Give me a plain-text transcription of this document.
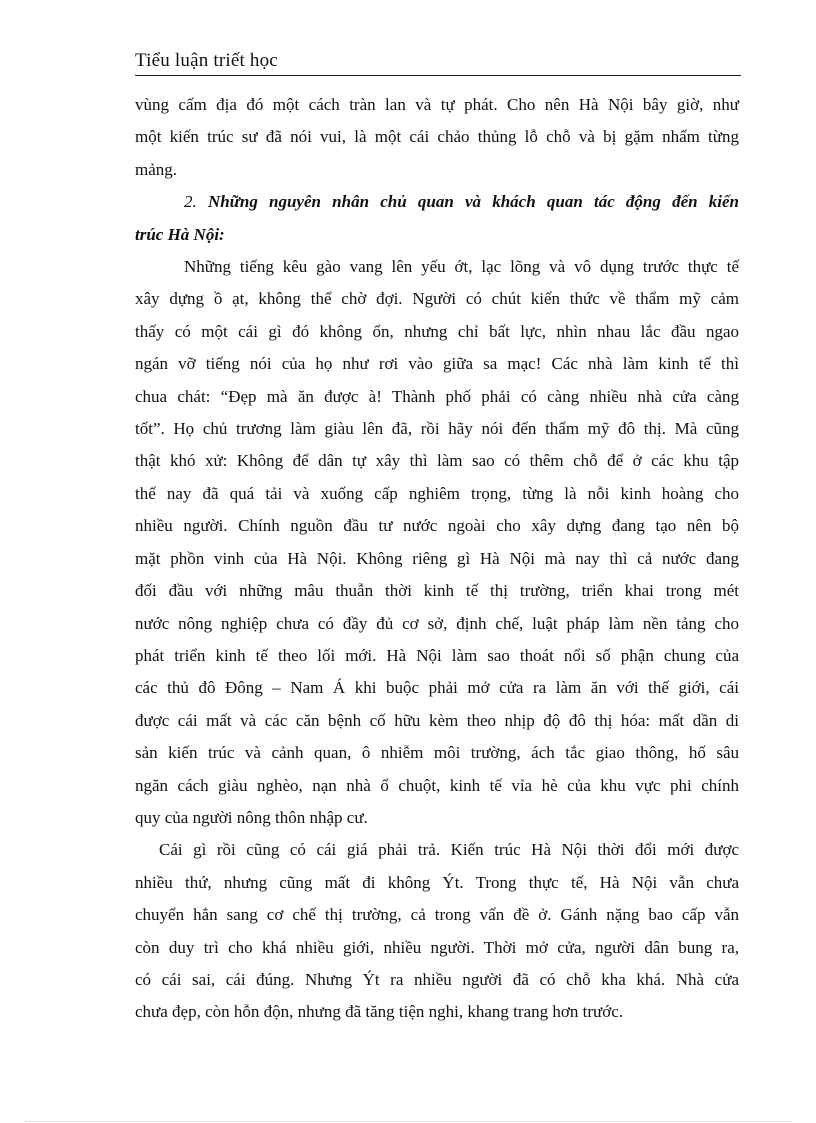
Tiểu luận triết học
vùng cấm địa đó một cách tràn lan và tự phát. Cho nên Hà Nội bây giờ, như
một kiến trúc sư đã nói vui, là một cái chảo thủng lỗ chỗ và bị gặm nhấm từng
mảng.
2. Những nguyên nhân chủ quan và khách quan tác động đến kiến
trúc Hà Nội:
Những tiếng kêu gào vang lên yếu ớt, lạc lõng và vô dụng trước thực tế
xây dựng ồ ạt, không thể chờ đợi. Người có chút kiến thức về thẩm mỹ cảm
thấy có một cái gì đó không ổn, nhưng chỉ bất lực, nhìn nhau lắc đầu ngao
ngán vỡ tiếng nói của họ như rơi vào giữa sa mạc! Các nhà làm kinh tế thì
chua chát: “Đẹp mà ăn được à! Thành phố phải có càng nhiều nhà cửa càng
tốt”. Họ chủ trương làm giàu lên đã, rồi hãy nói đến thẩm mỹ đô thị. Mà cũng
thật khó xử: Không để dân tự xây thì làm sao có thêm chỗ để ở các khu tập
thể nay đã quá tải và xuống cấp nghiêm trọng, từng là nỗi kinh hoàng cho
nhiều người. Chính nguồn đầu tư nước ngoài cho xây dựng đang tạo nên bộ
mặt phồn vinh của Hà Nội. Không riêng gì Hà Nội mà nay thì cả nước đang
đối đầu với những mâu thuẫn thời kinh tế thị trường, triển khai trong mét
nước nông nghiệp chưa có đầy đủ cơ sở, định chế, luật pháp làm nền tảng cho
phát triển kinh tế theo lối mới. Hà Nội làm sao thoát nổi số phận chung của
các thủ đô Đông – Nam Á khi buộc phải mở cửa ra làm ăn với thế giới, cái
được cái mất và các căn bệnh cố hữu kèm theo nhịp độ đô thị hóa: mất dần di
sản kiến trúc và cảnh quan, ô nhiễm môi trường, ách tắc giao thông, hố sâu
ngăn cách giàu nghèo, nạn nhà ổ chuột, kinh tế vỉa hè của khu vực phi chính
quy của người nông thôn nhập cư.
Cái gì rồi cũng có cái giá phải trả. Kiến trúc Hà Nội thời đổi mới được
nhiều thứ, nhưng cũng mất đi không Ýt. Trong thực tế, Hà Nội vẫn chưa
chuyển hẳn sang cơ chế thị trường, cả trong vấn đề ở. Gánh nặng bao cấp vẫn
còn duy trì cho khá nhiều giới, nhiều người. Thời mở cửa, người dân bung ra,
có cái sai, cái đúng. Nhưng Ýt ra nhiều người đã có chỗ kha khá. Nhà cửa
chưa đẹp, còn hỗn độn, nhưng đã tăng tiện nghi, khang trang hơn trước.
